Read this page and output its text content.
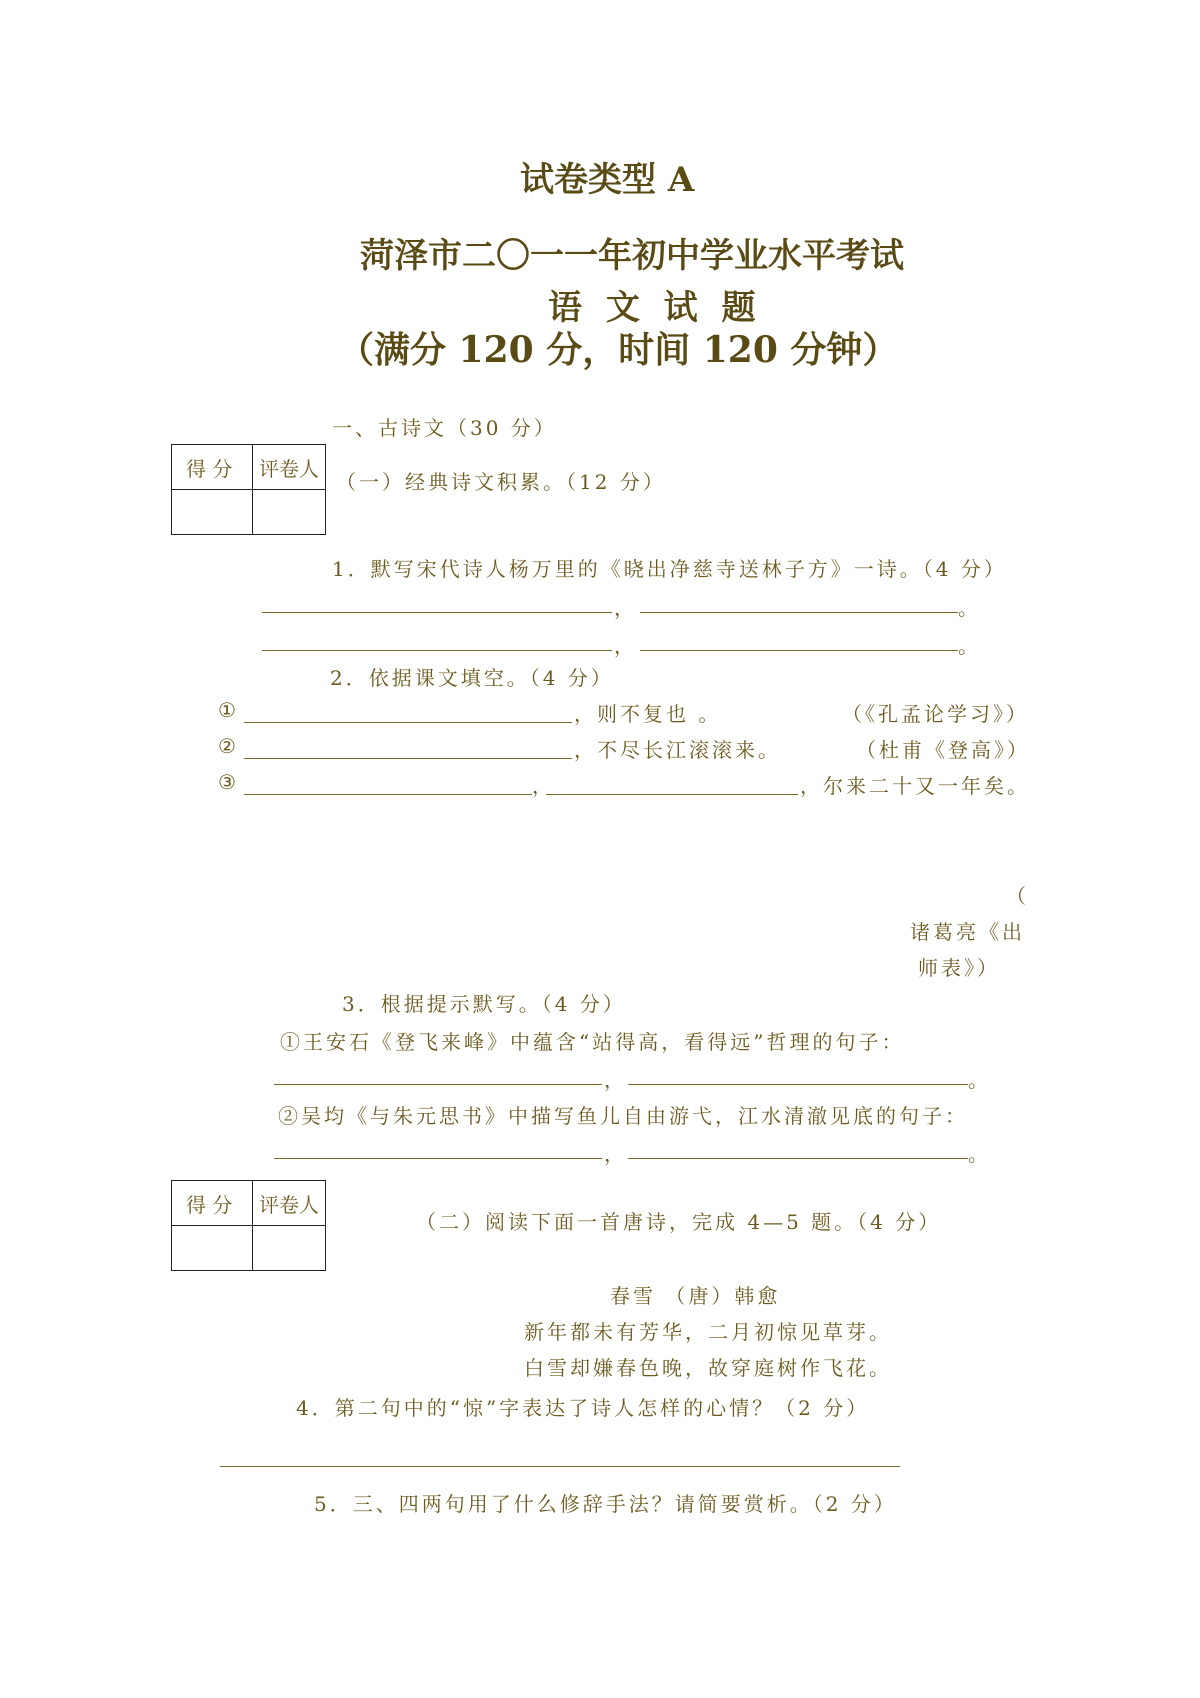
试卷类型 A
菏泽市二〇一一年初中学业水平考试
语 文 试 题
（满分 120 分，时间 120 分钟）
一、古诗文（30 分）
得 分	评卷人

（一）经典诗文积累。（12 分）
1．默写宋代诗人杨万里的《晓出净慈寺送林子方》一诗。（4 分）
，	。
，	。
2．依据课文填空。（4 分）
①	，则不复也 。	（《孔孟论学习》）
②	，不尽长江滚滚来。	（杜甫《登高》）
③	，	，尔来二十又一年矣。
（
诸葛亮《出
师表》）
3．根据提示默写。（4 分）
①王安石《登飞来峰》中蕴含“站得高，看得远”哲理的句子：
，	。
②吴均《与朱元思书》中描写鱼儿自由游弋，江水清澈见底的句子：
，	。
得 分	评卷人

（二）阅读下面一首唐诗，完成 4—5 题。（4 分）
春雪 （唐）韩愈
新年都未有芳华，二月初惊见草芽。
白雪却嫌春色晚，故穿庭树作飞花。
4．第二句中的“惊”字表达了诗人怎样的心情？（2 分）
5．三、四两句用了什么修辞手法？请简要赏析。（2 分）
